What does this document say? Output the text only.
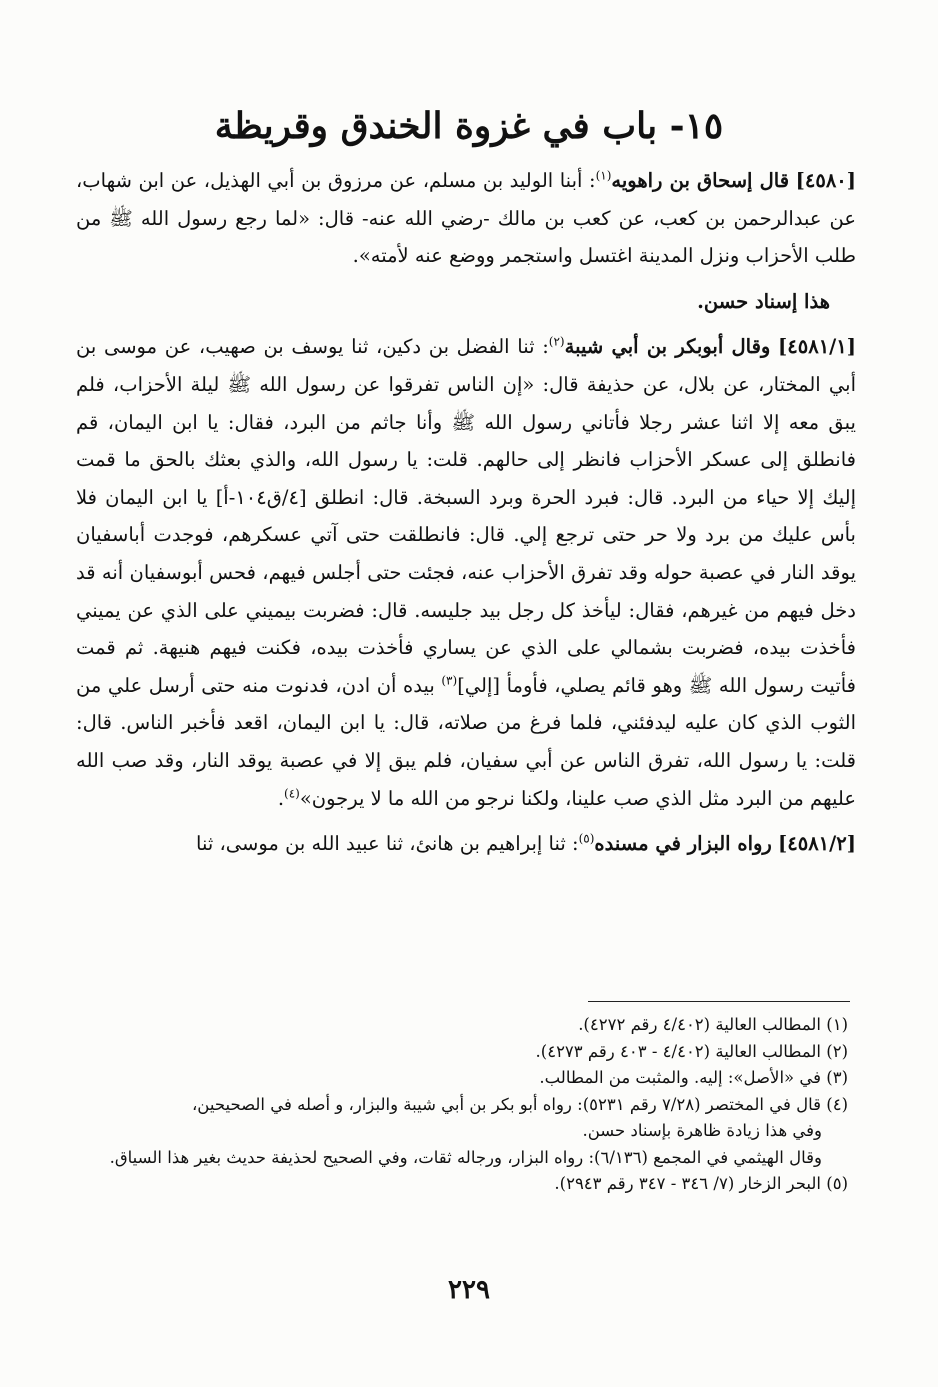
١٥- باب في غزوة الخندق وقريظة

[٤٥٨٠] قال إسحاق بن راهويه$^{(١)}$: أبنا الوليد بن مسلم، عن مرزوق بن أبي الهذيل، عن ابن شهاب، عن عبدالرحمن بن كعب، عن كعب بن مالك -رضي الله عنه- قال: «لما رجع رسول الله ﷺ من طلب الأحزاب ونزل المدينة اغتسل واستجمر ووضع عنه لأمته».

هذا إسناد حسن.

[٤٥٨١/١] وقال أبوبكر بن أبي شيبة$^{(٢)}$: ثنا الفضل بن دكين، ثنا يوسف بن صهيب، عن موسى بن أبي المختار، عن بلال، عن حذيفة قال: «إن الناس تفرقوا عن رسول الله ﷺ ليلة الأحزاب، فلم يبق معه إلا اثنا عشر رجلا فأتاني رسول الله ﷺ وأنا جاثم من البرد، فقال: يا ابن اليمان، قم فانطلق إلى عسكر الأحزاب فانظر إلى حالهم. قلت: يا رسول الله، والذي بعثك بالحق ما قمت إليك إلا حياء من البرد. قال: فبرد الحرة وبرد السبخة. قال: انطلق [٤/ق١٠٤-أ] يا ابن اليمان فلا بأس عليك من برد ولا حر حتى ترجع إلي. قال: فانطلقت حتى آتي عسكرهم، فوجدت أباسفيان يوقد النار في عصبة حوله وقد تفرق الأحزاب عنه، فجئت حتى أجلس فيهم، فحس أبوسفيان أنه قد دخل فيهم من غيرهم، فقال: ليأخذ كل رجل بيد جليسه. قال: فضربت بيميني على الذي عن يميني فأخذت بيده، فضربت بشمالي على الذي عن يساري فأخذت بيده، فكنت فيهم هنيهة. ثم قمت فأتيت رسول الله ﷺ وهو قائم يصلي، فأومأ [إلي]$^{(٣)}$ بيده أن ادن، فدنوت منه حتى أرسل علي من الثوب الذي كان عليه ليدفئني، فلما فرغ من صلاته، قال: يا ابن اليمان، اقعد فأخبر الناس. قال: قلت: يا رسول الله، تفرق الناس عن أبي سفيان، فلم يبق إلا في عصبة يوقد النار، وقد صب الله عليهم من البرد مثل الذي صب علينا، ولكنا نرجو من الله ما لا يرجون»$^{(٤)}$.

[٤٥٨١/٢] رواه البزار في مسنده$^{(٥)}$: ثنا إبراهيم بن هانئ، ثنا عبيد الله بن موسى، ثنا

(١) المطالب العالية (٤/٤٠٢ رقم ٤٢٧٢).

(٢) المطالب العالية (٤/٤٠٢ - ٤٠٣ رقم ٤٢٧٣).

(٣) في «الأصل»: إليه. والمثبت من المطالب.

(٤) قال في المختصر (٧/٢٨ رقم ٥٢٣١): رواه أبو بكر بن أبي شيبة والبزار، و أصله في الصحيحين،

وفي هذا زيادة ظاهرة بإسناد حسن.

وقال الهيثمي في المجمع (٦/١٣٦): رواه البزار، ورجاله ثقات، وفي الصحيح لحذيفة حديث بغير هذا السياق.

(٥) البحر الزخار (٧/ ٣٤٦ - ٣٤٧ رقم ٢٩٤٣).

٢٢٩
